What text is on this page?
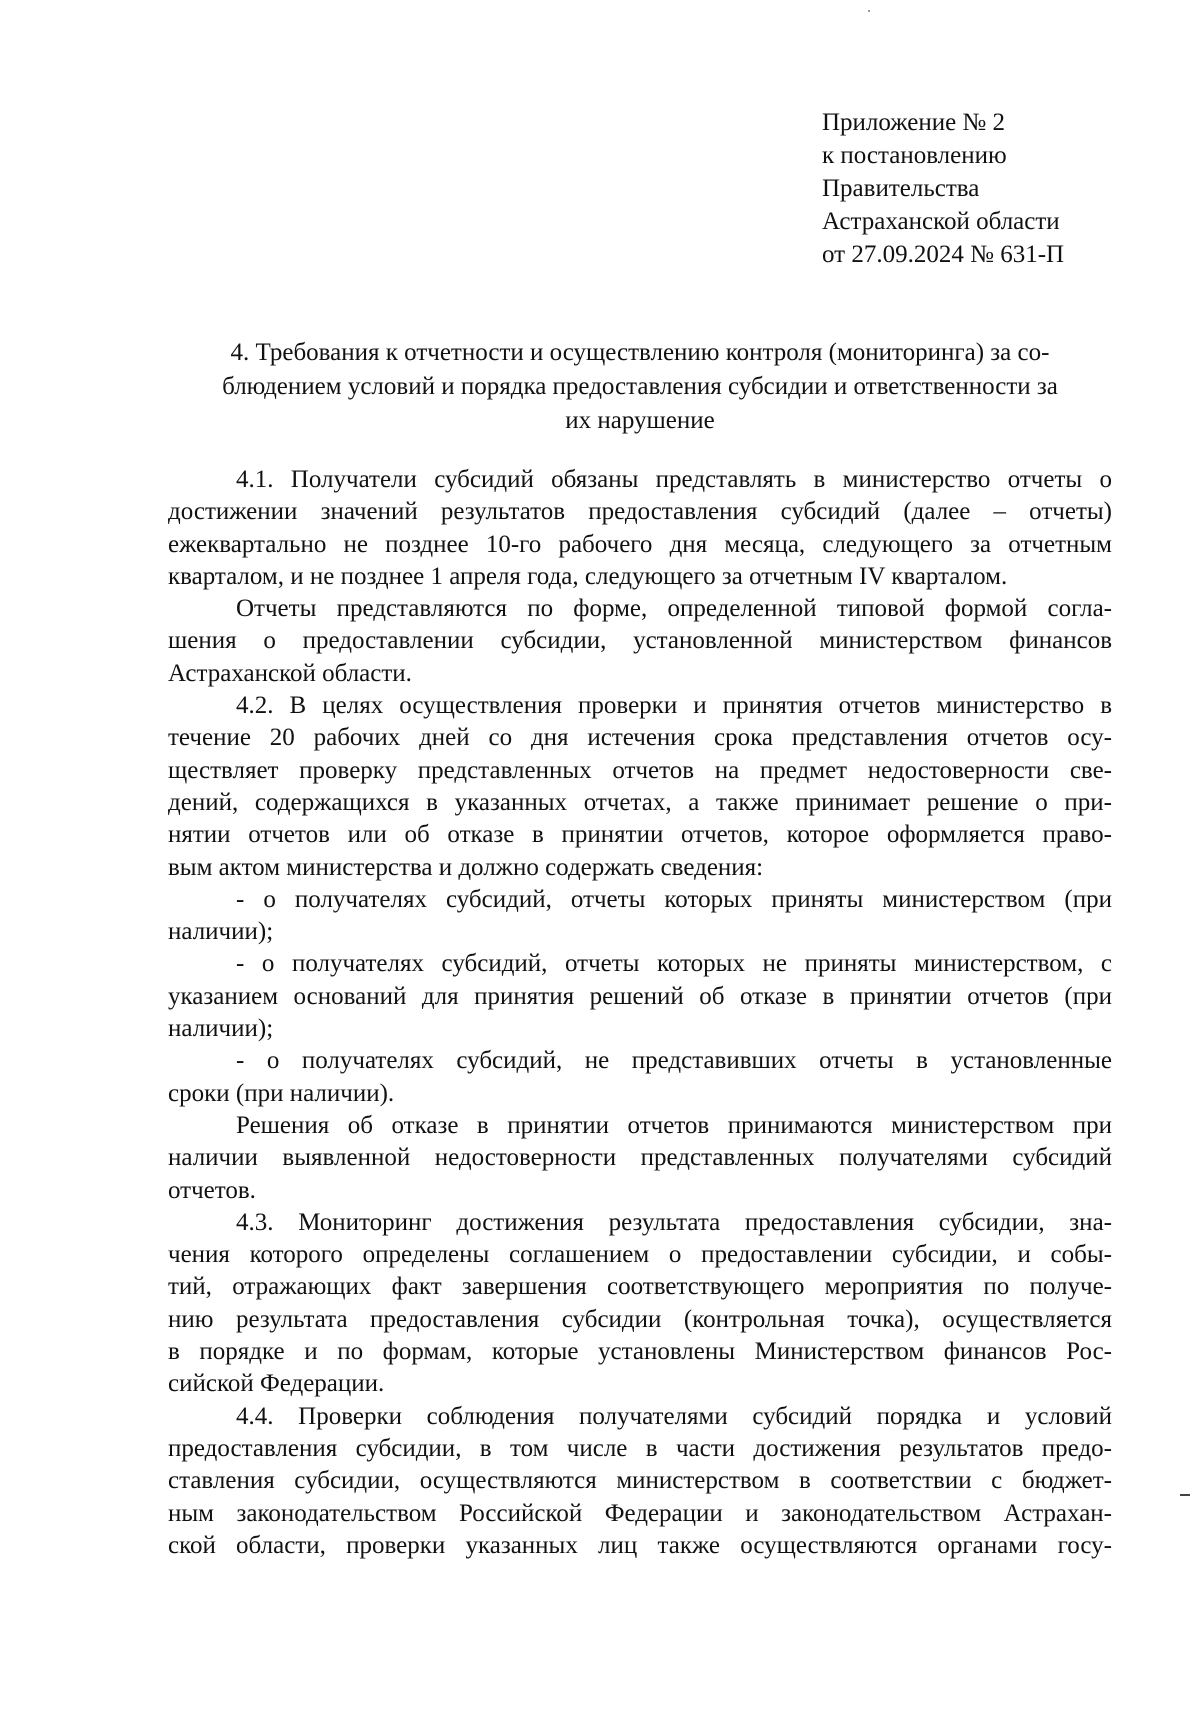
Приложение № 2
к постановлению
Правительства
Астраханской области
от 27.09.2024 № 631-П
4. Требования к отчетности и осуществлению контроля (мониторинга) за со-
блюдением условий и порядка предоставления субсидии и ответственности за
их нарушение
4.1. Получатели субсидий обязаны представлять в министерство отчеты о
достижении значений результатов предоставления субсидий (далее – отчеты)
ежеквартально не позднее 10-го рабочего дня месяца, следующего за отчетным
кварталом, и не позднее 1 апреля года, следующего за отчетным IV кварталом.
Отчеты представляются по форме, определенной типовой формой согла-
шения о предоставлении субсидии, установленной министерством финансов
Астраханской области.
4.2. В целях осуществления проверки и принятия отчетов министерство в
течение 20 рабочих дней со дня истечения срока представления отчетов осу-
ществляет проверку представленных отчетов на предмет недостоверности све-
дений, содержащихся в указанных отчетах, а также принимает решение о при-
нятии отчетов или об отказе в принятии отчетов, которое оформляется право-
вым актом министерства и должно содержать сведения:
- о получателях субсидий, отчеты которых приняты министерством (при
наличии);
- о получателях субсидий, отчеты которых не приняты министерством, с
указанием оснований для принятия решений об отказе в принятии отчетов (при
наличии);
- о получателях субсидий, не представивших отчеты в установленные
сроки (при наличии).
Решения об отказе в принятии отчетов принимаются министерством при
наличии выявленной недостоверности представленных получателями субсидий
отчетов.
4.3. Мониторинг достижения результата предоставления субсидии, зна-
чения которого определены соглашением о предоставлении субсидии, и собы-
тий, отражающих факт завершения соответствующего мероприятия по получе-
нию результата предоставления субсидии (контрольная точка), осуществляется
в порядке и по формам, которые установлены Министерством финансов Рос-
сийской Федерации.
4.4. Проверки соблюдения получателями субсидий порядка и условий
предоставления субсидии, в том числе в части достижения результатов предо-
ставления субсидии, осуществляются министерством в соответствии с бюджет-
ным законодательством Российской Федерации и законодательством Астрахан-
ской области, проверки указанных лиц также осуществляются органами госу-
